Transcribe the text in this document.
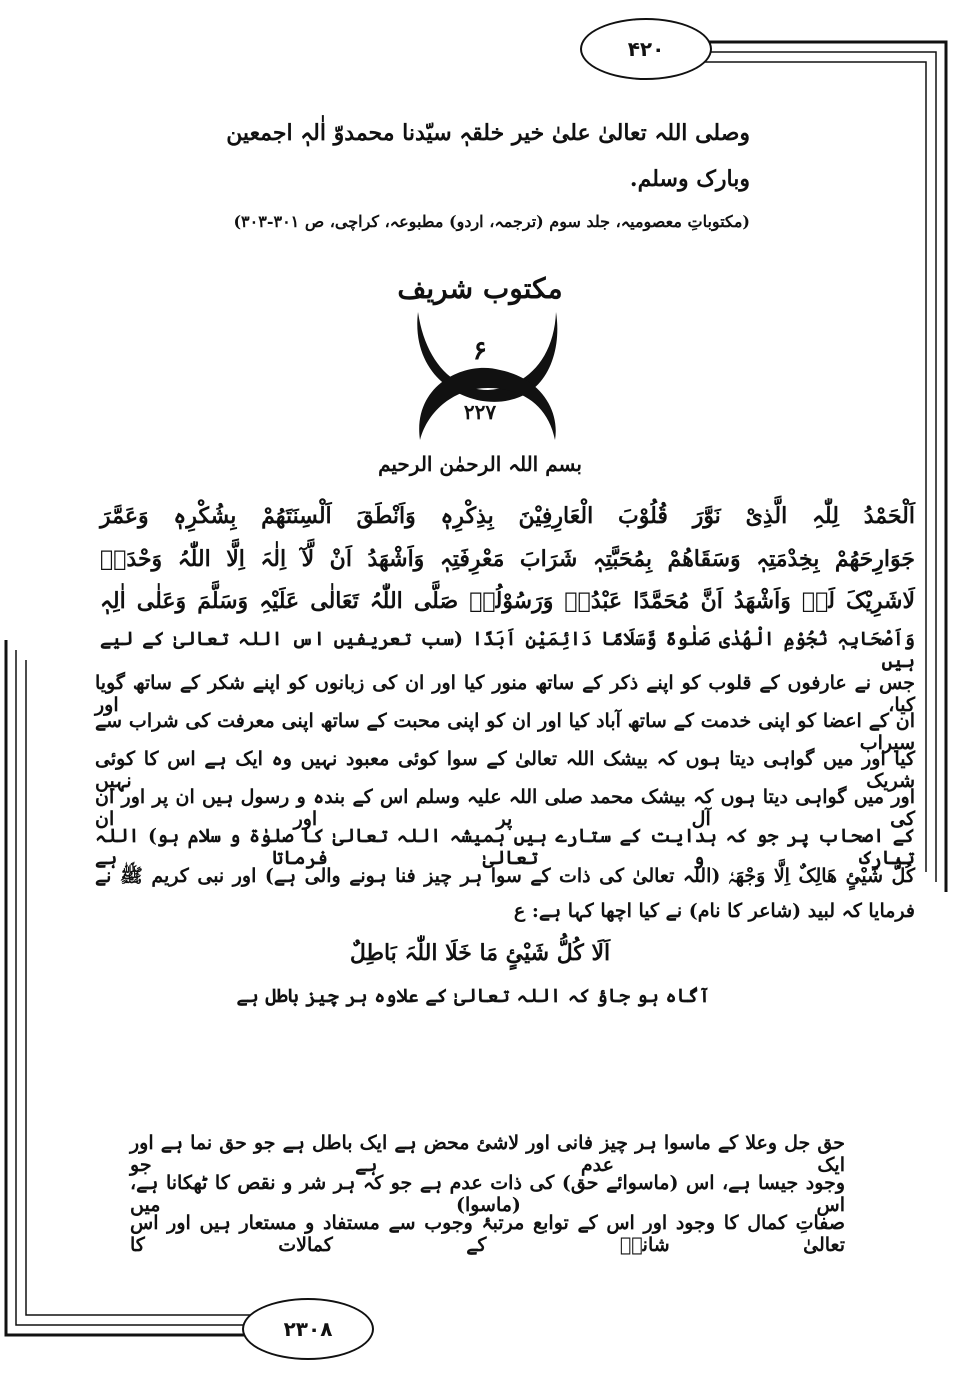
۴۲۰
۲۳۰۸
وصلی اللہ تعالیٰ علیٰ خیر خلقہٖ سیّدنا محمدوّ اٰلہٖ اجمعین
وبارک وسلم.
(مکتوباتِ معصومیہ، جلد سوم (ترجمہ، اردو) مطبوعہ، کراچی، ص ۳۰۱-۳۰۳)
مکتوب شریف
۶
۲۲۷
بسم اللہ الرحمٰن الرحیم
اَلْحَمْدُ لِلّٰہِ الَّذِیْ نَوَّرَ قُلُوْبَ الْعَارِفِیْنَ بِذِکْرِہٖ وَاَنْطَقَ اَلْسِنَتَھُمْ بِشُکْرِہٖ وَعَمَّرَ
جَوَارِحَھُمْ بِخِدْمَتِہٖ وَسَقَاھُمْ بِمُحَبَّتِہٖ شَرَابَ مَعْرِفَتِہٖ وَاَشْھَدُ اَنْ لَّآ اِلٰہَ اِلَّا اللّٰہُ وَحْدَہٗ
لَاشَرِیْکَ لَہٗ وَاَشْھَدُ اَنَّ مُحَمَّدًا عَبْدُہٗ وَرَسُوْلُہٗ صَلَّی اللّٰہُ تَعَالٰی عَلَیْہِ وَسَلَّمَ وَعَلٰی اٰلِہٖ
وَاَصْحَابِہٖ نُجُوْمِ الْھُدٰی صَلٰوۃً وَّسَلَامًا دَائِمَیْنِ اَبَدًا (سب تعریفیں اس اللہ تعالیٰ کے لیے ہیں
جس نے عارفوں کے قلوب کو اپنے ذکر کے ساتھ منور کیا اور ان کی زبانوں کو اپنے شکر کے ساتھ گویا کیا، اور
ان کے اعضا کو اپنی خدمت کے ساتھ آباد کیا اور ان کو اپنی محبت کے ساتھ اپنی معرفت کی شراب سے سیراب
کیا اور میں گواہی دیتا ہوں کہ بیشک اللہ تعالیٰ کے سوا کوئی معبود نہیں وہ ایک ہے اس کا کوئی شریک نہیں
اور میں گواہی دیتا ہوں کہ بیشک محمد صلی اللہ علیہ وسلم اس کے بندہ و رسول ہیں ان پر اور ان کی آل پر اور ان
کے اصحاب پر جو کہ ہدایت کے ستارے ہیں ہمیشہ اللہ تعالیٰ کا صلوٰۃ و سلام ہو) اللہ تبارک و تعالیٰ فرماتا ہے
کُلُّ شَیْئٍ ھَالِکٌ اِلَّا وَجْھَہٗ (اللہ تعالیٰ کی ذات کے سوا ہر چیز فنا ہونے والی ہے) اور نبی کریم ﷺ نے
فرمایا کہ لبید (شاعر کا نام) نے کیا اچھا کہا ہے: ع
اَلَا کُلُّ شَیْئٍ مَا خَلَا اللّٰہَ بَاطِلٌ
آگاہ ہو جاؤ کہ اللہ تعالیٰ کے علاوہ ہر چیز باطل ہے
حق جل وعلا کے ماسوا ہر چیز فانی اور لاشئ محض ہے ایک باطل ہے جو حق نما ہے اور ایک عدم ہے جو
وجود جیسا ہے، اس (ماسوائے حق) کی ذات عدم ہے جو کہ ہر شر و نقص کا ٹھکانا ہے، اس (ماسوا) میں
صفاتِ کمال کا وجود اور اس کے توابع مرتبۂ وجوب سے مستفاد و مستعار ہیں اور اس تعالیٰ شانہٗ کے کمالات کا
